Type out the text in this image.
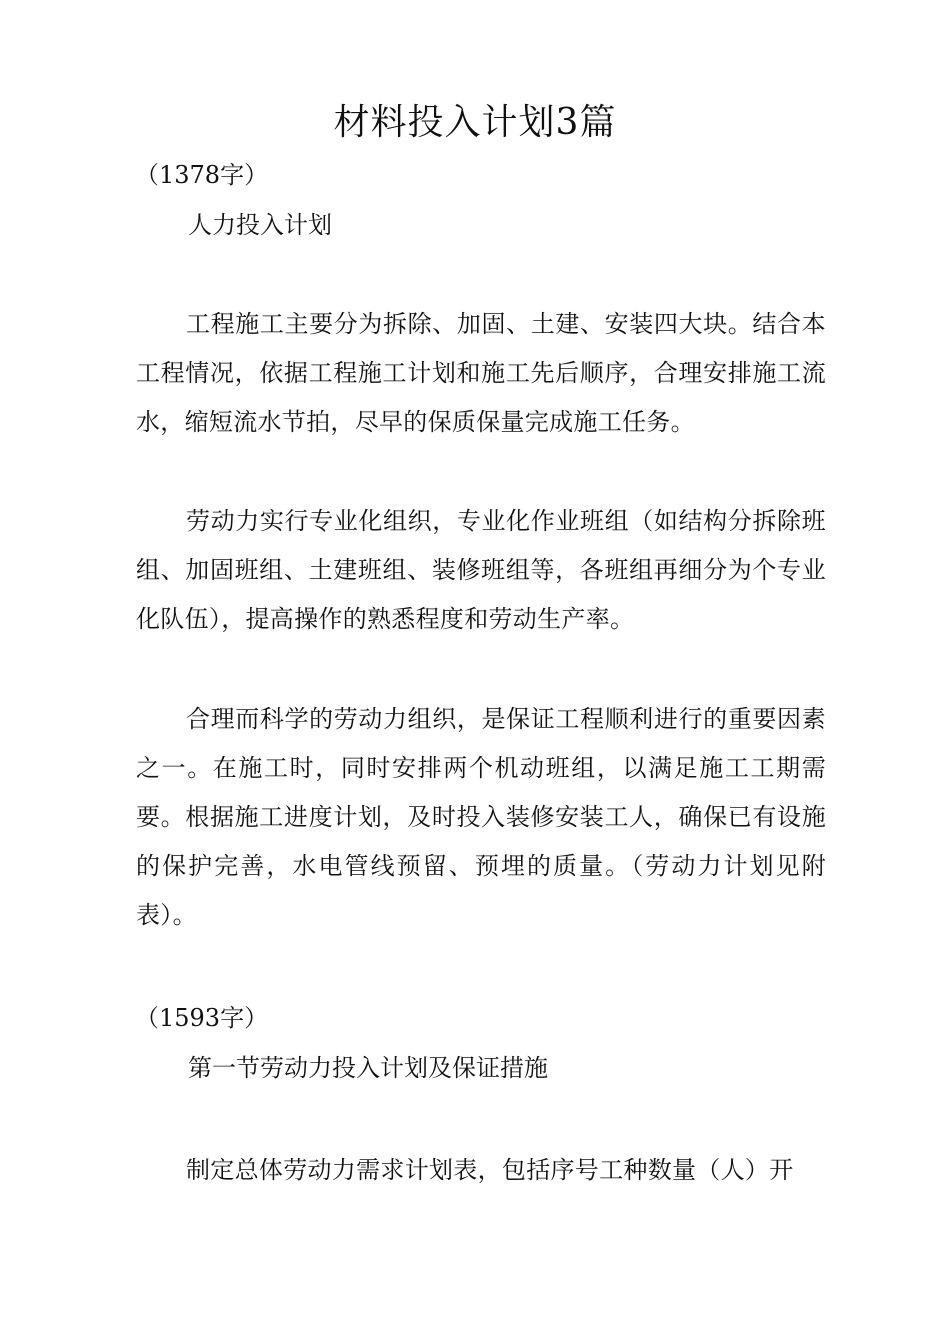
材料投入计划3篇

（1378字）

人力投入计划

工程施工主要分为拆除、加固、土建、安装四大块。结合本工程情况，依据工程施工计划和施工先后顺序，合理安排施工流水，缩短流水节拍，尽早的保质保量完成施工任务。

劳动力实行专业化组织，专业化作业班组（如结构分拆除班组、加固班组、土建班组、装修班组等，各班组再细分为个专业化队伍），提高操作的熟悉程度和劳动生产率。

合理而科学的劳动力组织，是保证工程顺利进行的重要因素之一。在施工时，同时安排两个机动班组，以满足施工工期需要。根据施工进度计划，及时投入装修安装工人，确保已有设施的保护完善，水电管线预留、预埋的质量。（劳动力计划见附表）。

（1593字）

第一节劳动力投入计划及保证措施

制定总体劳动力需求计划表，包括序号工种数量（人）开
